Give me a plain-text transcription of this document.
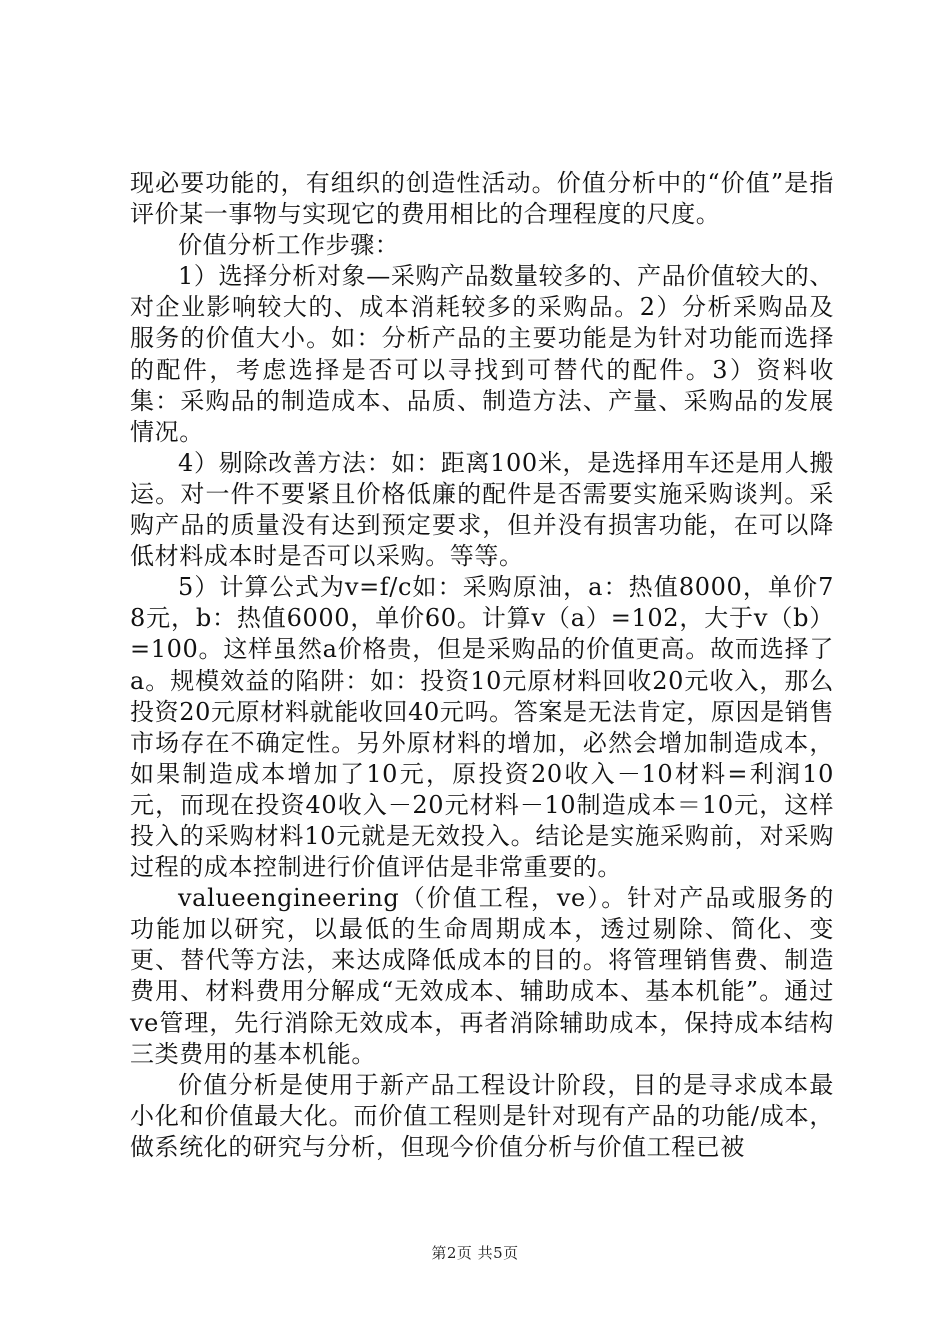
现必要功能的，有组织的创造性活动。价值分析中的“价值”是指评价某一事物与实现它的费用相比的合理程度的尺度。

价值分析工作步骤：

1）选择分析对象—采购产品数量较多的、产品价值较大的、对企业影响较大的、成本消耗较多的采购品。2）分析采购品及服务的价值大小。如：分析产品的主要功能是为针对功能而选择的配件，考虑选择是否可以寻找到可替代的配件。3）资料收集：采购品的制造成本、品质、制造方法、产量、采购品的发展情况。

4）剔除改善方法：如：距离100米，是选择用车还是用人搬运。对一件不要紧且价格低廉的配件是否需要实施采购谈判。采购产品的质量没有达到预定要求，但并没有损害功能，在可以降低材料成本时是否可以采购。等等。

5）计算公式为v=f/c如：采购原油，a：热值8000，单价78元，b：热值6000，单价60。计算v（a）=102，大于v（b）=100。这样虽然a价格贵，但是采购品的价值更高。故而选择了a。规模效益的陷阱：如：投资10元原材料回收20元收入，那么投资20元原材料就能收回40元吗。答案是无法肯定，原因是销售市场存在不确定性。另外原材料的增加，必然会增加制造成本，如果制造成本增加了10元，原投资20收入－10材料=利润10元，而现在投资40收入－20元材料－10制造成本＝10元，这样投入的采购材料10元就是无效投入。结论是实施采购前，对采购过程的成本控制进行价值评估是非常重要的。

valueengineering（价值工程，ve）。针对产品或服务的功能加以研究，以最低的生命周期成本，透过剔除、简化、变更、替代等方法，来达成降低成本的目的。将管理销售费、制造费用、材料费用分解成“无效成本、辅助成本、基本机能”。通过ve管理，先行消除无效成本，再者消除辅助成本，保持成本结构三类费用的基本机能。

价值分析是使用于新产品工程设计阶段，目的是寻求成本最小化和价值最大化。而价值工程则是针对现有产品的功能/成本，做系统化的研究与分析，但现今价值分析与价值工程已被

第2页 共5页
